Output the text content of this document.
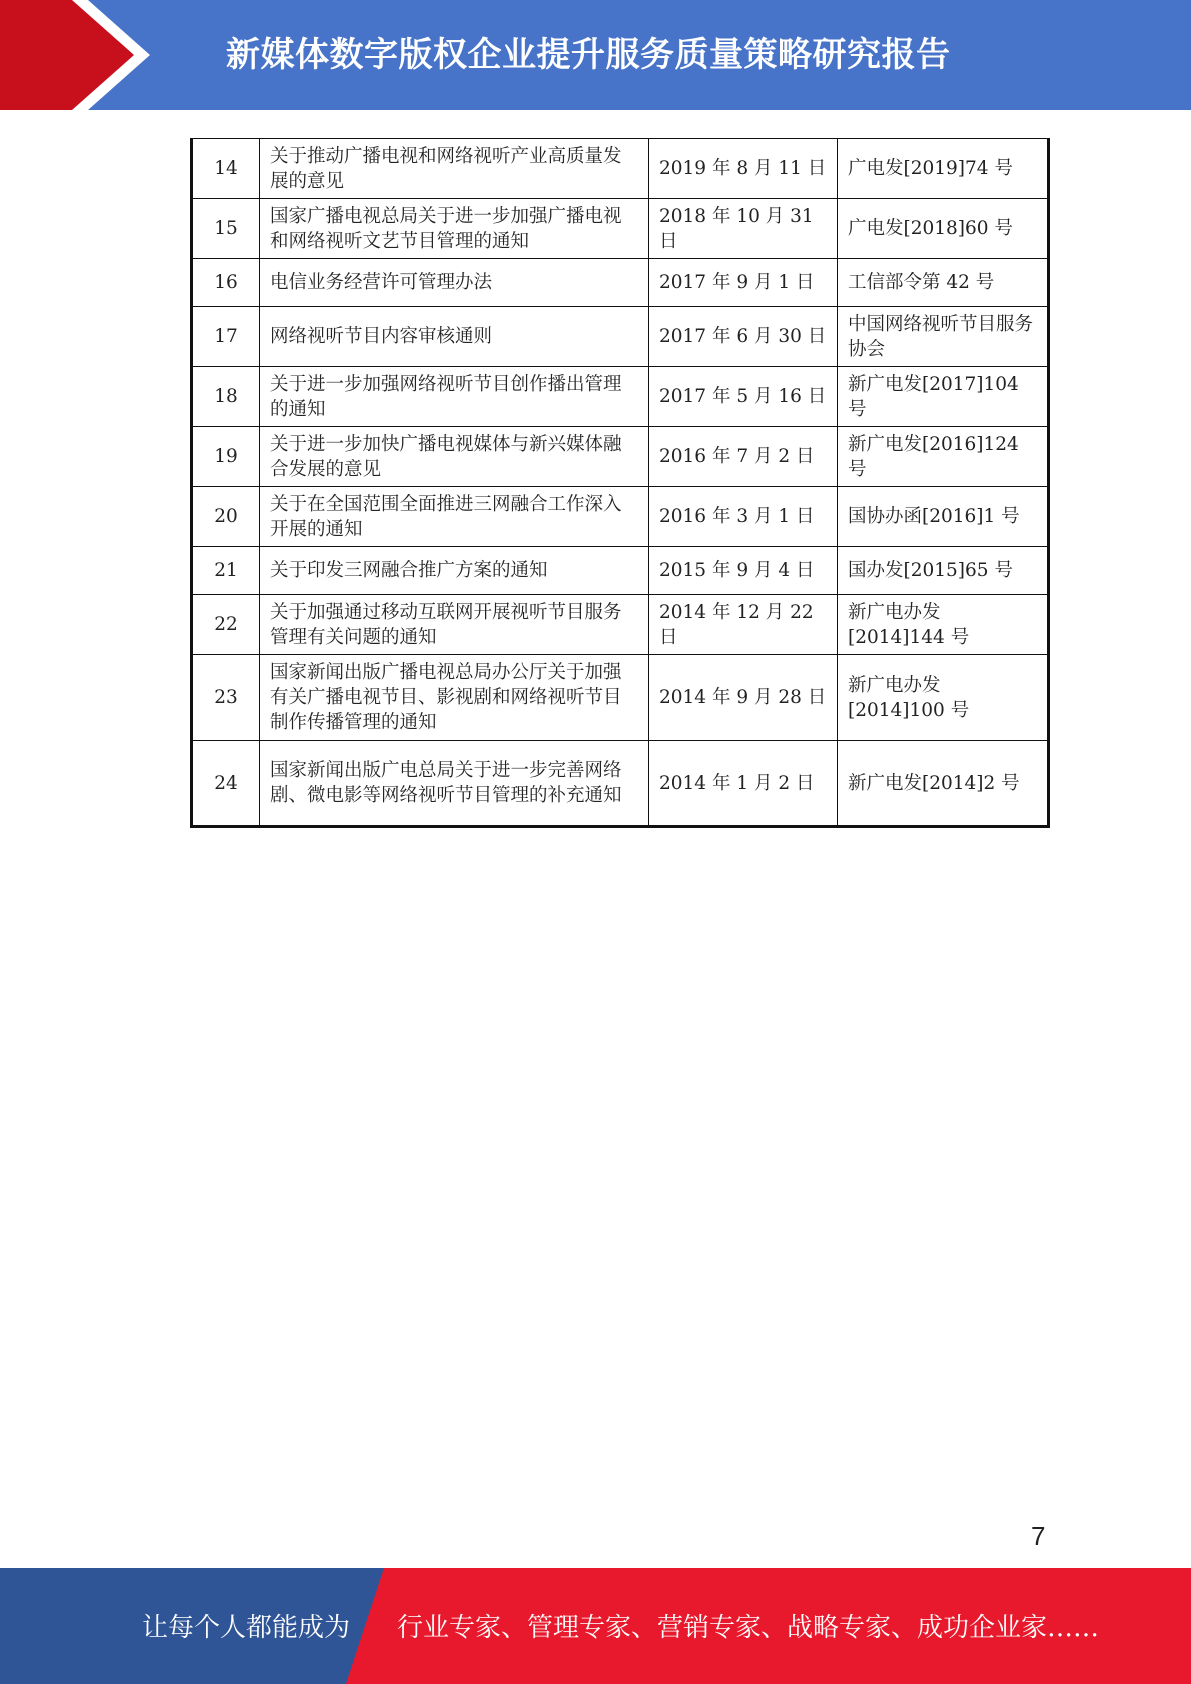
新媒体数字版权企业提升服务质量策略研究报告
14	关于推动广播电视和网络视听产业高质量发展的意见	2019 年 8 月 11 日	广电发[2019]74 号
15	国家广播电视总局关于进一步加强广播电视和网络视听文艺节目管理的通知	2018 年 10 月 31 日	广电发[2018]60 号
16	电信业务经营许可管理办法	2017 年 9 月 1 日	工信部令第 42 号
17	网络视听节目内容审核通则	2017 年 6 月 30 日	中国网络视听节目服务协会
18	关于进一步加强网络视听节目创作播出管理的通知	2017 年 5 月 16 日	新广电发[2017]104 号
19	关于进一步加快广播电视媒体与新兴媒体融合发展的意见	2016 年 7 月 2 日	新广电发[2016]124 号
20	关于在全国范围全面推进三网融合工作深入开展的通知	2016 年 3 月 1 日	国协办函[2016]1 号
21	关于印发三网融合推广方案的通知	2015 年 9 月 4 日	国办发[2015]65 号
22	关于加强通过移动互联网开展视听节目服务管理有关问题的通知	2014 年 12 月 22 日	新广电办发[2014]144 号
23	国家新闻出版广播电视总局办公厅关于加强有关广播电视节目、影视剧和网络视听节目制作传播管理的通知	2014 年 9 月 28 日	新广电办发[2014]100 号
24	国家新闻出版广电总局关于进一步完善网络剧、微电影等网络视听节目管理的补充通知	2014 年 1 月 2 日	新广电发[2014]2 号
7
让每个人都能成为 行业专家、管理专家、营销专家、战略专家、成功企业家……
